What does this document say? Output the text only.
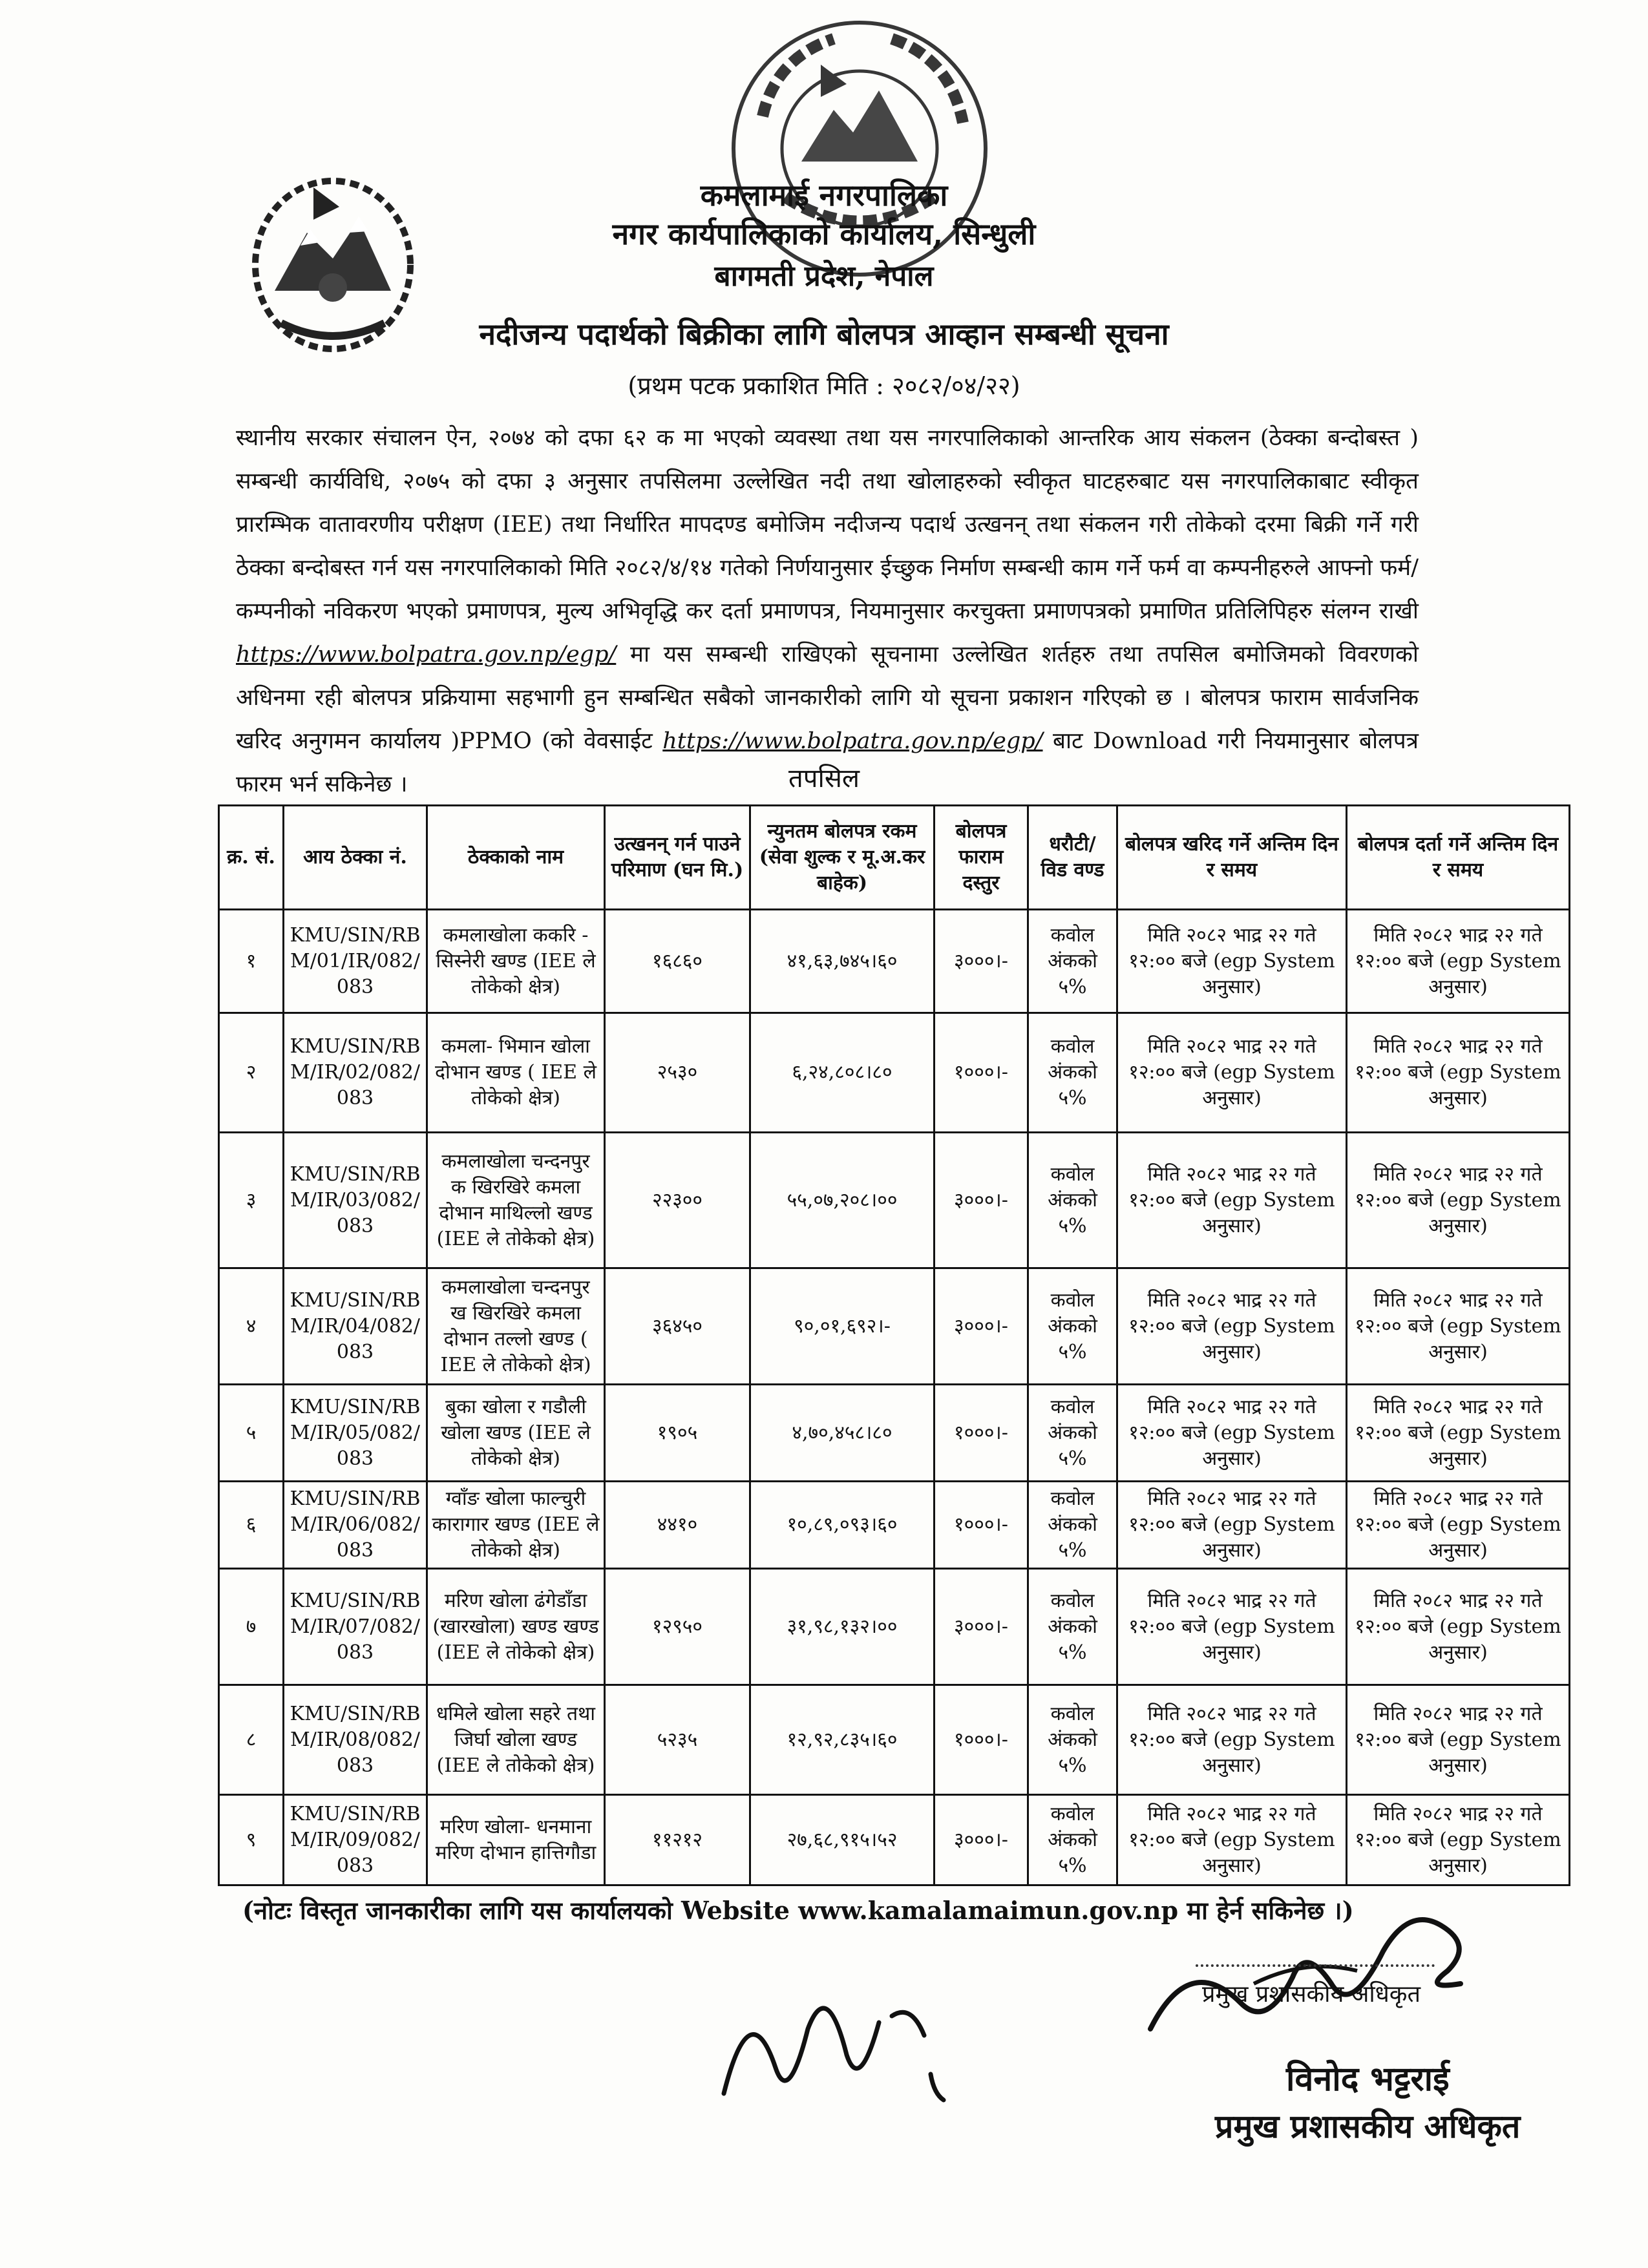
कमलामाई नगरपालिका
नगर कार्यपालिकाको कार्यालय, सिन्धुली
बागमती प्रदेश, नेपाल
नदीजन्य पदार्थको बिक्रीका लागि बोलपत्र आव्हान सम्बन्धी सूचना
(प्रथम पटक प्रकाशित मिति : २०८२/०४/२२)
स्थानीय सरकार संचालन ऐन, २०७४ को दफा ६२ क मा भएको व्यवस्था तथा यस नगरपालिकाको आन्तरिक आय संकलन (ठेक्का बन्दोबस्त ) सम्बन्धी कार्यविधि, २०७५ को दफा ३ अनुसार तपसिलमा उल्लेखित नदी तथा खोलाहरुको स्वीकृत घाटहरुबाट यस नगरपालिकाबाट स्वीकृत प्रारम्भिक वातावरणीय परीक्षण (IEE) तथा निर्धारित मापदण्ड बमोजिम नदीजन्य पदार्थ उत्खनन् तथा संकलन गरी तोकेको दरमा बिक्री गर्ने गरी ठेक्का बन्दोबस्त गर्न यस नगरपालिकाको मिति २०८२/४/१४ गतेको निर्णयानुसार ईच्छुक निर्माण सम्बन्धी काम गर्ने फर्म वा कम्पनीहरुले आफ्नो फर्म/कम्पनीको नविकरण भएको प्रमाणपत्र, मुल्य अभिवृद्धि कर दर्ता प्रमाणपत्र, नियमानुसार करचुक्ता प्रमाणपत्रको प्रमाणित प्रतिलिपिहरु संलग्न राखी https://www.bolpatra.gov.np/egp/ मा यस सम्बन्धी राखिएको सूचनामा उल्लेखित शर्तहरु तथा तपसिल बमोजिमको विवरणको अधिनमा रही बोलपत्र प्रक्रियामा सहभागी हुन सम्बन्धित सबैको जानकारीको लागि यो सूचना प्रकाशन गरिएको छ । बोलपत्र फाराम सार्वजनिक खरिद अनुगमन कार्यालय )PPMO (को वेवसाईट https://www.bolpatra.gov.np/egp/ बाट Download गरी नियमानुसार बोलपत्र फारम भर्न सकिनेछ ।	तपसिल
क्र. सं.	आय ठेक्का नं.	ठेक्काको नाम	उत्खनन् गर्न पाउने परिमाण (घन मि.)	न्युनतम बोलपत्र रकम (सेवा शुल्क र मू.अ.कर बाहेक)	बोलपत्र फाराम दस्तुर	धरौटी/ विड वण्ड	बोलपत्र खरिद गर्ने अन्तिम दिन र समय	बोलपत्र दर्ता गर्ने अन्तिम दिन र समय
१	KMU/SIN/RB M/01/IR/082/ 083	कमलाखोला ककरि - सिस्नेरी खण्ड (IEE ले तोकेको क्षेत्र)	१६८६०	४१,६३,७४५।६०	३०००।-	कवोल अंकको ५%	मिति २०८२ भाद्र २२ गते १२:०० बजे (egp System अनुसार)	मिति २०८२ भाद्र २२ गते १२:०० बजे (egp System अनुसार)
२	KMU/SIN/RB M/IR/02/082/ 083	कमला- भिमान खोला दोभान खण्ड ( IEE ले तोकेको क्षेत्र)	२५३०	६,२४,८०८।८०	१०००।-	कवोल अंकको ५%	मिति २०८२ भाद्र २२ गते १२:०० बजे (egp System अनुसार)	मिति २०८२ भाद्र २२ गते १२:०० बजे (egp System अनुसार)
३	KMU/SIN/RB M/IR/03/082/ 083	कमलाखोला चन्दनपुर क खिरखिरे कमला दोभान माथिल्लो खण्ड (IEE ले तोकेको क्षेत्र)	२२३००	५५,०७,२०८।००	३०००।-	कवोल अंकको ५%	मिति २०८२ भाद्र २२ गते १२:०० बजे (egp System अनुसार)	मिति २०८२ भाद्र २२ गते १२:०० बजे (egp System अनुसार)
४	KMU/SIN/RB M/IR/04/082/ 083	कमलाखोला चन्दनपुर ख खिरखिरे कमला दोभान तल्लो खण्ड ( IEE ले तोकेको क्षेत्र)	३६४५०	९०,०१,६९२।-	३०००।-	कवोल अंकको ५%	मिति २०८२ भाद्र २२ गते १२:०० बजे (egp System अनुसार)	मिति २०८२ भाद्र २२ गते १२:०० बजे (egp System अनुसार)
५	KMU/SIN/RB M/IR/05/082/ 083	बुका खोला र गडौली खोला खण्ड (IEE ले तोकेको क्षेत्र)	१९०५	४,७०,४५८।८०	१०००।-	कवोल अंकको ५%	मिति २०८२ भाद्र २२ गते १२:०० बजे (egp System अनुसार)	मिति २०८२ भाद्र २२ गते १२:०० बजे (egp System अनुसार)
६	KMU/SIN/RB M/IR/06/082/ 083	ग्वाँङ खोला फाल्चुरी कारागार खण्ड (IEE ले तोकेको क्षेत्र)	४४१०	१०,८९,०९३।६०	१०००।-	कवोल अंकको ५%	मिति २०८२ भाद्र २२ गते १२:०० बजे (egp System अनुसार)	मिति २०८२ भाद्र २२ गते १२:०० बजे (egp System अनुसार)
७	KMU/SIN/RB M/IR/07/082/ 083	मरिण खोला ढंगेडाँडा (खारखोला) खण्ड खण्ड (IEE ले तोकेको क्षेत्र)	१२९५०	३१,९८,१३२।००	३०००।-	कवोल अंकको ५%	मिति २०८२ भाद्र २२ गते १२:०० बजे (egp System अनुसार)	मिति २०८२ भाद्र २२ गते १२:०० बजे (egp System अनुसार)
८	KMU/SIN/RB M/IR/08/082/ 083	धमिले खोला सहरे तथा जिर्घा खोला खण्ड (IEE ले तोकेको क्षेत्र)	५२३५	१२,९२,८३५।६०	१०००।-	कवोल अंकको ५%	मिति २०८२ भाद्र २२ गते १२:०० बजे (egp System अनुसार)	मिति २०८२ भाद्र २२ गते १२:०० बजे (egp System अनुसार)
९	KMU/SIN/RB M/IR/09/082/ 083	मरिण खोला- धनमाना मरिण दोभान हात्तिगौडा	११२१२	२७,६८,९१५।५२	३०००।-	कवोल अंकको ५%	मिति २०८२ भाद्र २२ गते १२:०० बजे (egp System अनुसार)	मिति २०८२ भाद्र २२ गते १२:०० बजे (egp System अनुसार)
(नोटः विस्तृत जानकारीका लागि यस कार्यालयको Website www.kamalamaimun.gov.np मा हेर्न सकिनेछ ।)
प्रमुख प्रशासकीय अधिकृत
विनोद भट्टराई
प्रमुख प्रशासकीय अधिकृत
